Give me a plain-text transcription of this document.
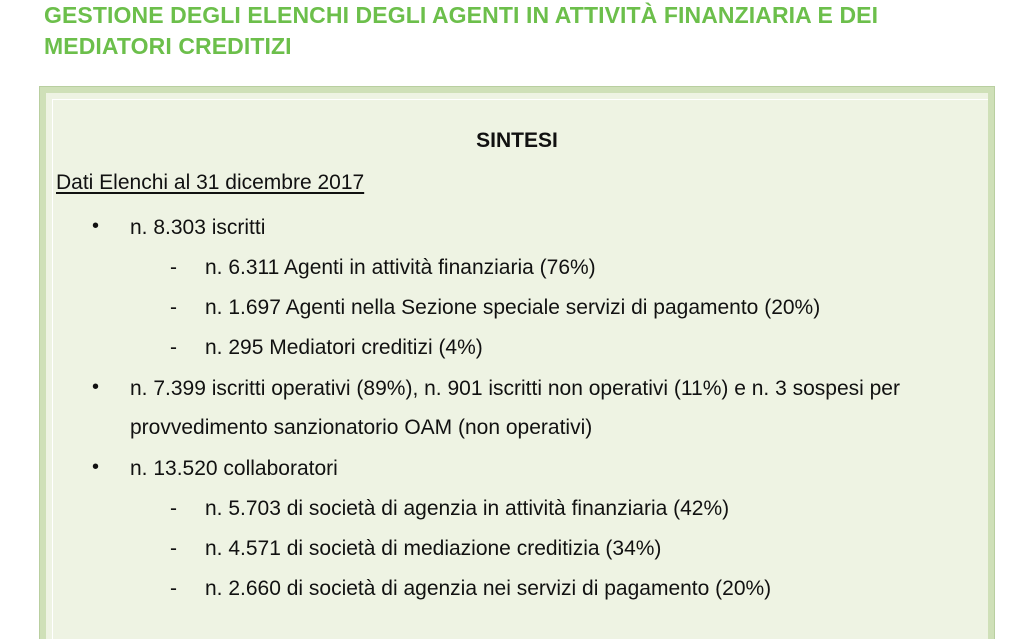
GESTIONE DEGLI ELENCHI DEGLI AGENTI IN ATTIVITÀ FINANZIARIA E DEI
MEDIATORI CREDITIZI
SINTESI
Dati Elenchi al 31 dicembre 2017
• n. 8.303 iscritti
- n. 6.311 Agenti in attività finanziaria (76%)
- n. 1.697 Agenti nella Sezione speciale servizi di pagamento (20%)
- n. 295 Mediatori creditizi (4%)
• n. 7.399 iscritti operativi (89%), n. 901 iscritti non operativi (11%) e n. 3 sospesi per
provvedimento sanzionatorio OAM (non operativi)
• n. 13.520 collaboratori
- n. 5.703 di società di agenzia in attività finanziaria (42%)
- n. 4.571 di società di mediazione creditizia (34%)
- n. 2.660 di società di agenzia nei servizi di pagamento (20%)
